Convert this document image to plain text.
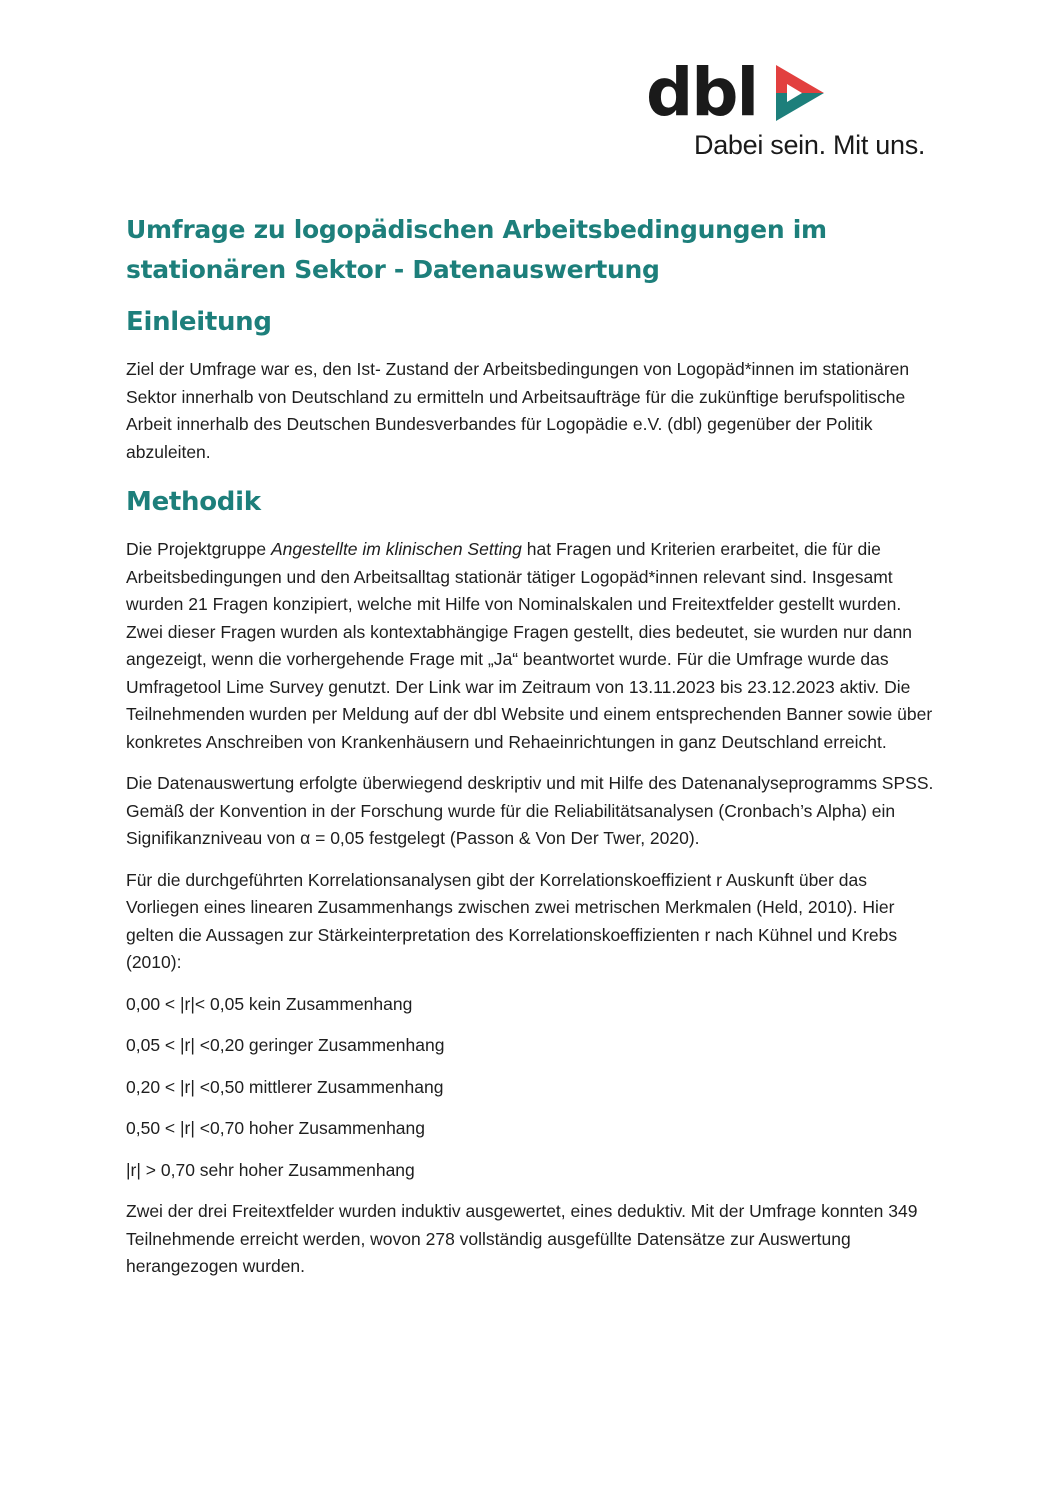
dbl
Dabei sein. Mit uns.
Umfrage zu logopädischen Arbeitsbedingungen im stationären Sektor - Datenauswertung
Einleitung

Ziel der Umfrage war es, den Ist- Zustand der Arbeitsbedingungen von Logopäd*innen im stationären Sektor innerhalb von Deutschland zu ermitteln und Arbeitsaufträge für die zukünftige berufspolitische Arbeit innerhalb des Deutschen Bundesverbandes für Logopädie e.V. (dbl) gegenüber der Politik abzuleiten.

Methodik

Die Projektgruppe Angestellte im klinischen Setting hat Fragen und Kriterien erarbeitet, die für die Arbeitsbedingungen und den Arbeitsalltag stationär tätiger Logopäd*innen relevant sind. Insgesamt wurden 21 Fragen konzipiert, welche mit Hilfe von Nominalskalen und Freitextfelder gestellt wurden. Zwei dieser Fragen wurden als kontextabhängige Fragen gestellt, dies bedeutet, sie wurden nur dann angezeigt, wenn die vorhergehende Frage mit „Ja“ beantwortet wurde. Für die Umfrage wurde das Umfragetool Lime Survey genutzt. Der Link war im Zeitraum von 13.11.2023 bis 23.12.2023 aktiv. Die Teilnehmenden wurden per Meldung auf der dbl Website und einem entsprechenden Banner sowie über konkretes Anschreiben von Krankenhäusern und Rehaeinrichtungen in ganz Deutschland erreicht.

Die Datenauswertung erfolgte überwiegend deskriptiv und mit Hilfe des Datenanalyseprogramms SPSS. Gemäß der Konvention in der Forschung wurde für die Reliabilitätsanalysen (Cronbach’s Alpha) ein Signifikanzniveau von α = 0,05 festgelegt (Passon & Von Der Twer, 2020).

Für die durchgeführten Korrelationsanalysen gibt der Korrelationskoeffizient r Auskunft über das Vorliegen eines linearen Zusammenhangs zwischen zwei metrischen Merkmalen (Held, 2010). Hier gelten die Aussagen zur Stärkeinterpretation des Korrelationskoeffizienten r nach Kühnel und Krebs (2010):

0,00 < |r|< 0,05 kein Zusammenhang

0,05 < |r| <0,20 geringer Zusammenhang

0,20 < |r| <0,50 mittlerer Zusammenhang

0,50 < |r| <0,70 hoher Zusammenhang

|r| > 0,70 sehr hoher Zusammenhang

Zwei der drei Freitextfelder wurden induktiv ausgewertet, eines deduktiv. Mit der Umfrage konnten 349 Teilnehmende erreicht werden, wovon 278 vollständig ausgefüllte Datensätze zur Auswertung herangezogen wurden.
